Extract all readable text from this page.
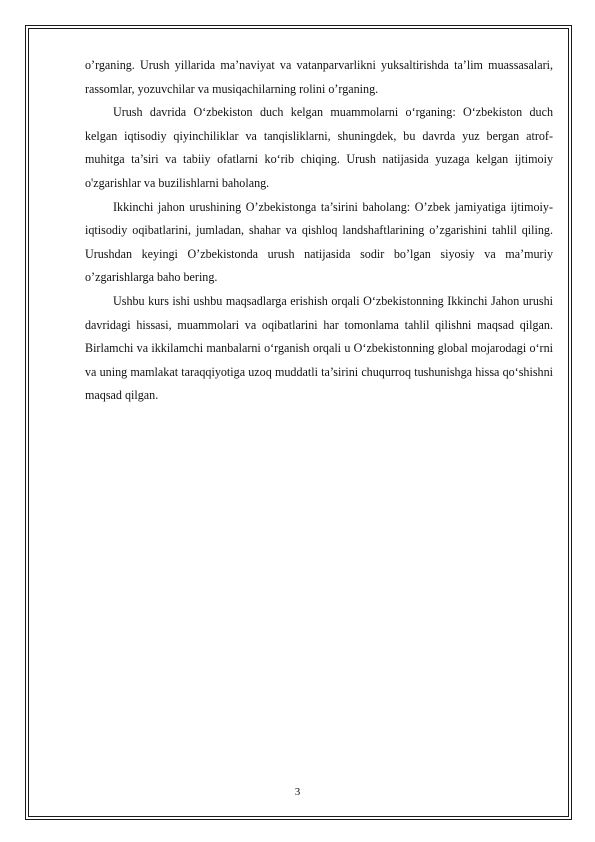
o’rganing. Urush yillarida ma’naviyat va vatanparvarlikni yuksaltirishda ta’lim muassasalari, rassomlar, yozuvchilar va musiqachilarning rolini o’rganing.

Urush davrida O‘zbekiston duch kelgan muammolarni o‘rganing: O‘zbekiston duch kelgan iqtisodiy qiyinchiliklar va tanqisliklarni, shuningdek, bu davrda yuz bergan atrof-muhitga ta’siri va tabiiy ofatlarni ko‘rib chiqing. Urush natijasida yuzaga kelgan ijtimoiy o'zgarishlar va buzilishlarni baholang.

Ikkinchi jahon urushining O’zbekistonga ta’sirini baholang: O’zbek jamiyatiga ijtimoiy-iqtisodiy oqibatlarini, jumladan, shahar va qishloq landshaftlarining o’zgarishini tahlil qiling. Urushdan keyingi O’zbekistonda urush natijasida sodir bo’lgan siyosiy va ma’muriy o’zgarishlarga baho bering.

Ushbu kurs ishi ushbu maqsadlarga erishish orqali O‘zbekistonning Ikkinchi Jahon urushi davridagi hissasi, muammolari va oqibatlarini har tomonlama tahlil qilishni maqsad qilgan. Birlamchi va ikkilamchi manbalarni o‘rganish orqali u O‘zbekistonning global mojarodagi o‘rni va uning mamlakat taraqqiyotiga uzoq muddatli ta’sirini chuqurroq tushunishga hissa qo‘shishni maqsad qilgan.

3
